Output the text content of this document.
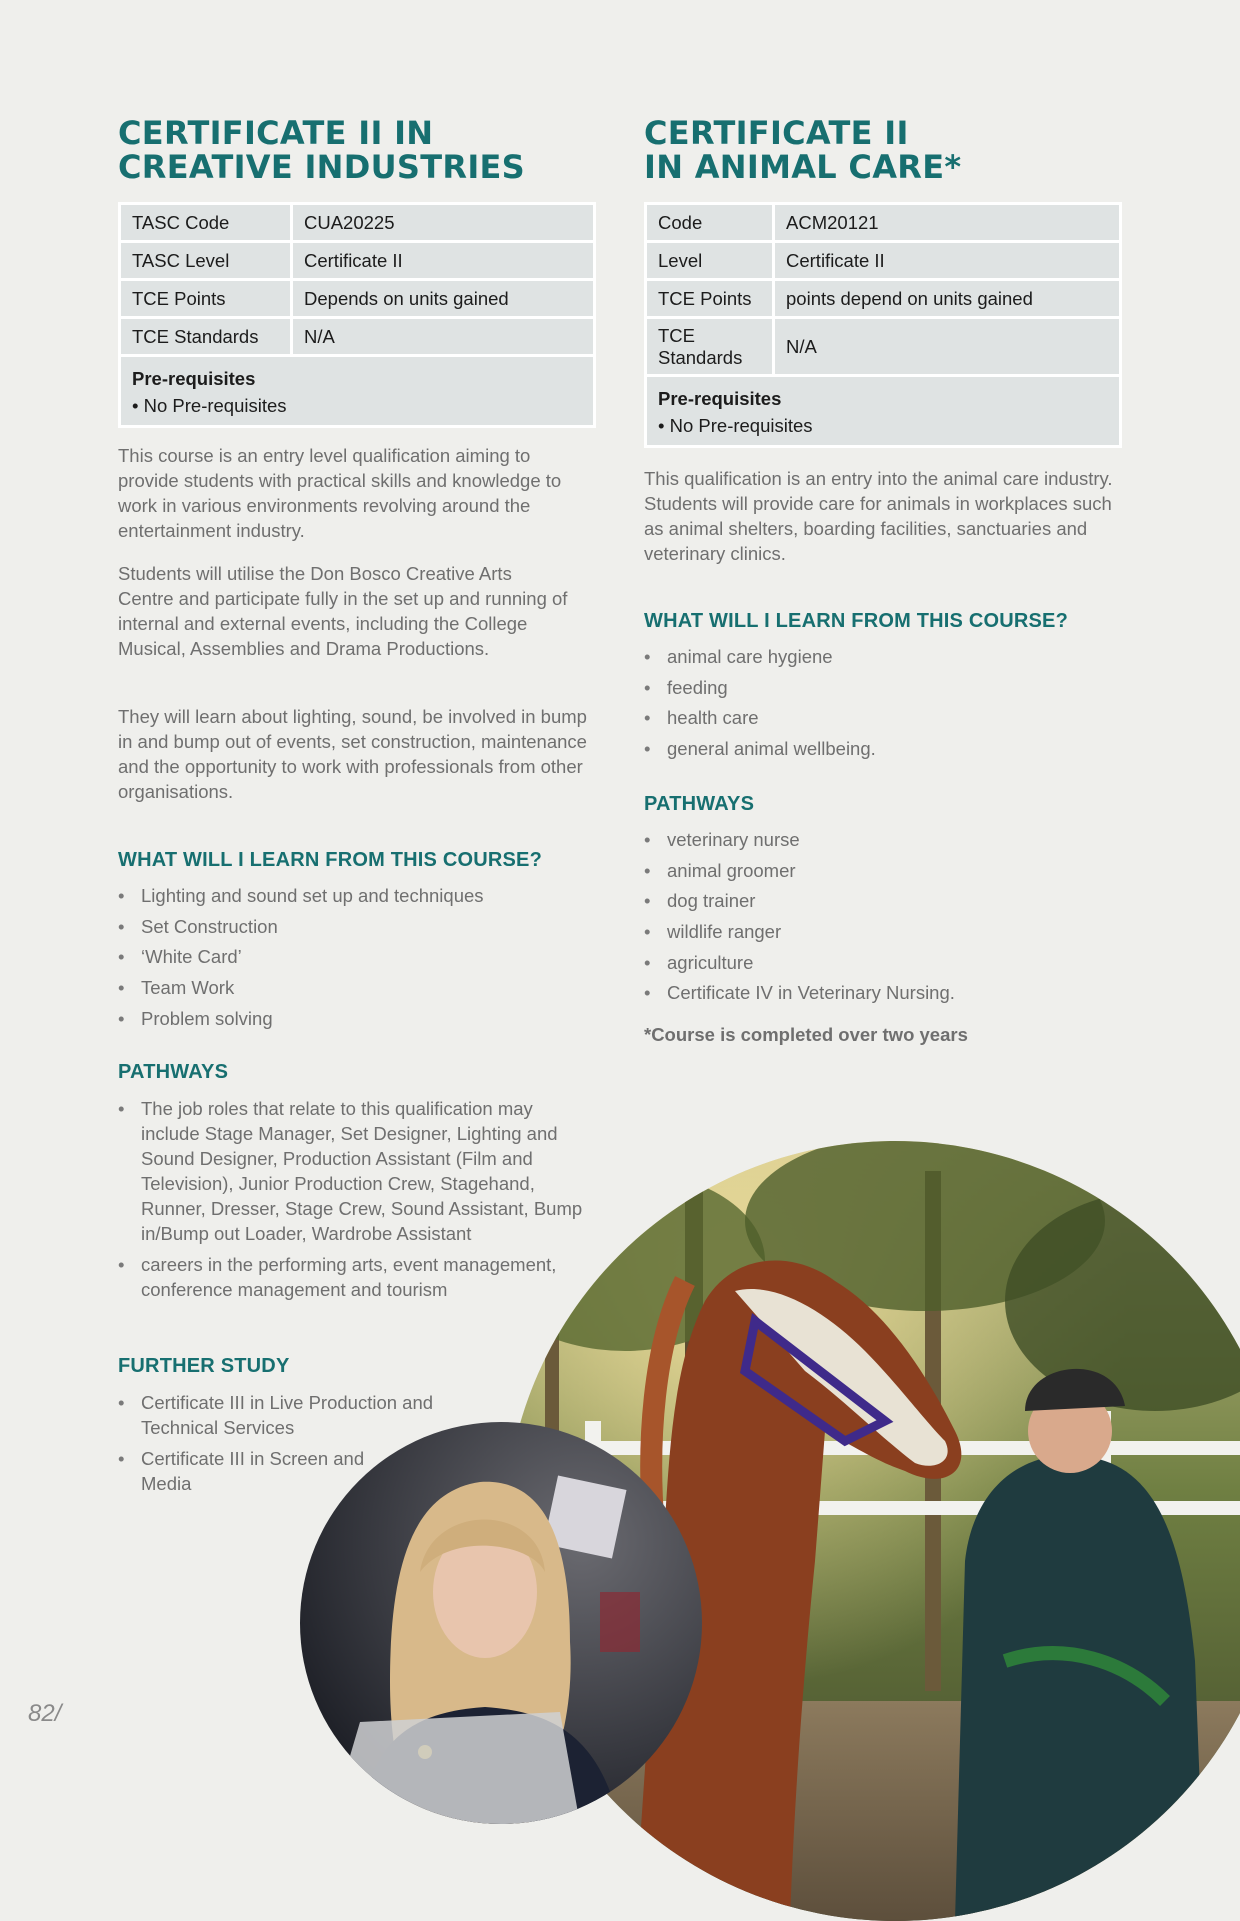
CERTIFICATE II IN
CREATIVE INDUSTRIES
TASC Code	CUA20225
TASC Level	Certificate II
TCE Points	Depends on units gained
TCE Standards	N/A

Pre-requisites
• No Pre-requisites	

This course is an entry level qualification aiming to provide students with practical skills and knowledge to work in various environments revolving around the entertainment industry.

Students will utilise the Don Bosco Creative Arts Centre and participate fully in the set up and running of internal and external events, including the College Musical, Assemblies and Drama Productions.

They will learn about lighting, sound, be involved in bump in and bump out of events, set construction, maintenance and the opportunity to work with professionals from other organisations.

WHAT WILL I LEARN FROM THIS COURSE?
• Lighting and sound set up and techniques
• Set Construction
• ‘White Card’
• Team Work
• Problem solving
PATHWAYS
• The job roles that relate to this qualification may include Stage Manager, Set Designer, Lighting and Sound Designer, Production Assistant (Film and Television), Junior Production Crew, Stagehand, Runner, Dresser, Stage Crew, Sound Assistant, Bump in/Bump out Loader, Wardrobe Assistant
• careers in the performing arts, event management, conference management and tourism
FURTHER STUDY
• Certificate III in Live Production and Technical Services
• Certificate III in Screen and Media
CERTIFICATE II
IN ANIMAL CARE*
Code	ACM20121
Level	Certificate II
TCE Points	points depend on units gained
TCE Standards	N/A

Pre-requisites
• No Pre-requisites	

This qualification is an entry into the animal care industry. Students will provide care for animals in workplaces such as animal shelters, boarding facilities, sanctuaries and veterinary clinics.

WHAT WILL I LEARN FROM THIS COURSE?
• animal care hygiene
• feeding
• health care
• general animal wellbeing.
PATHWAYS
• veterinary nurse
• animal groomer
• dog trainer
• wildlife ranger
• agriculture
• Certificate IV in Veterinary Nursing.
*Course is completed over two years
82/
